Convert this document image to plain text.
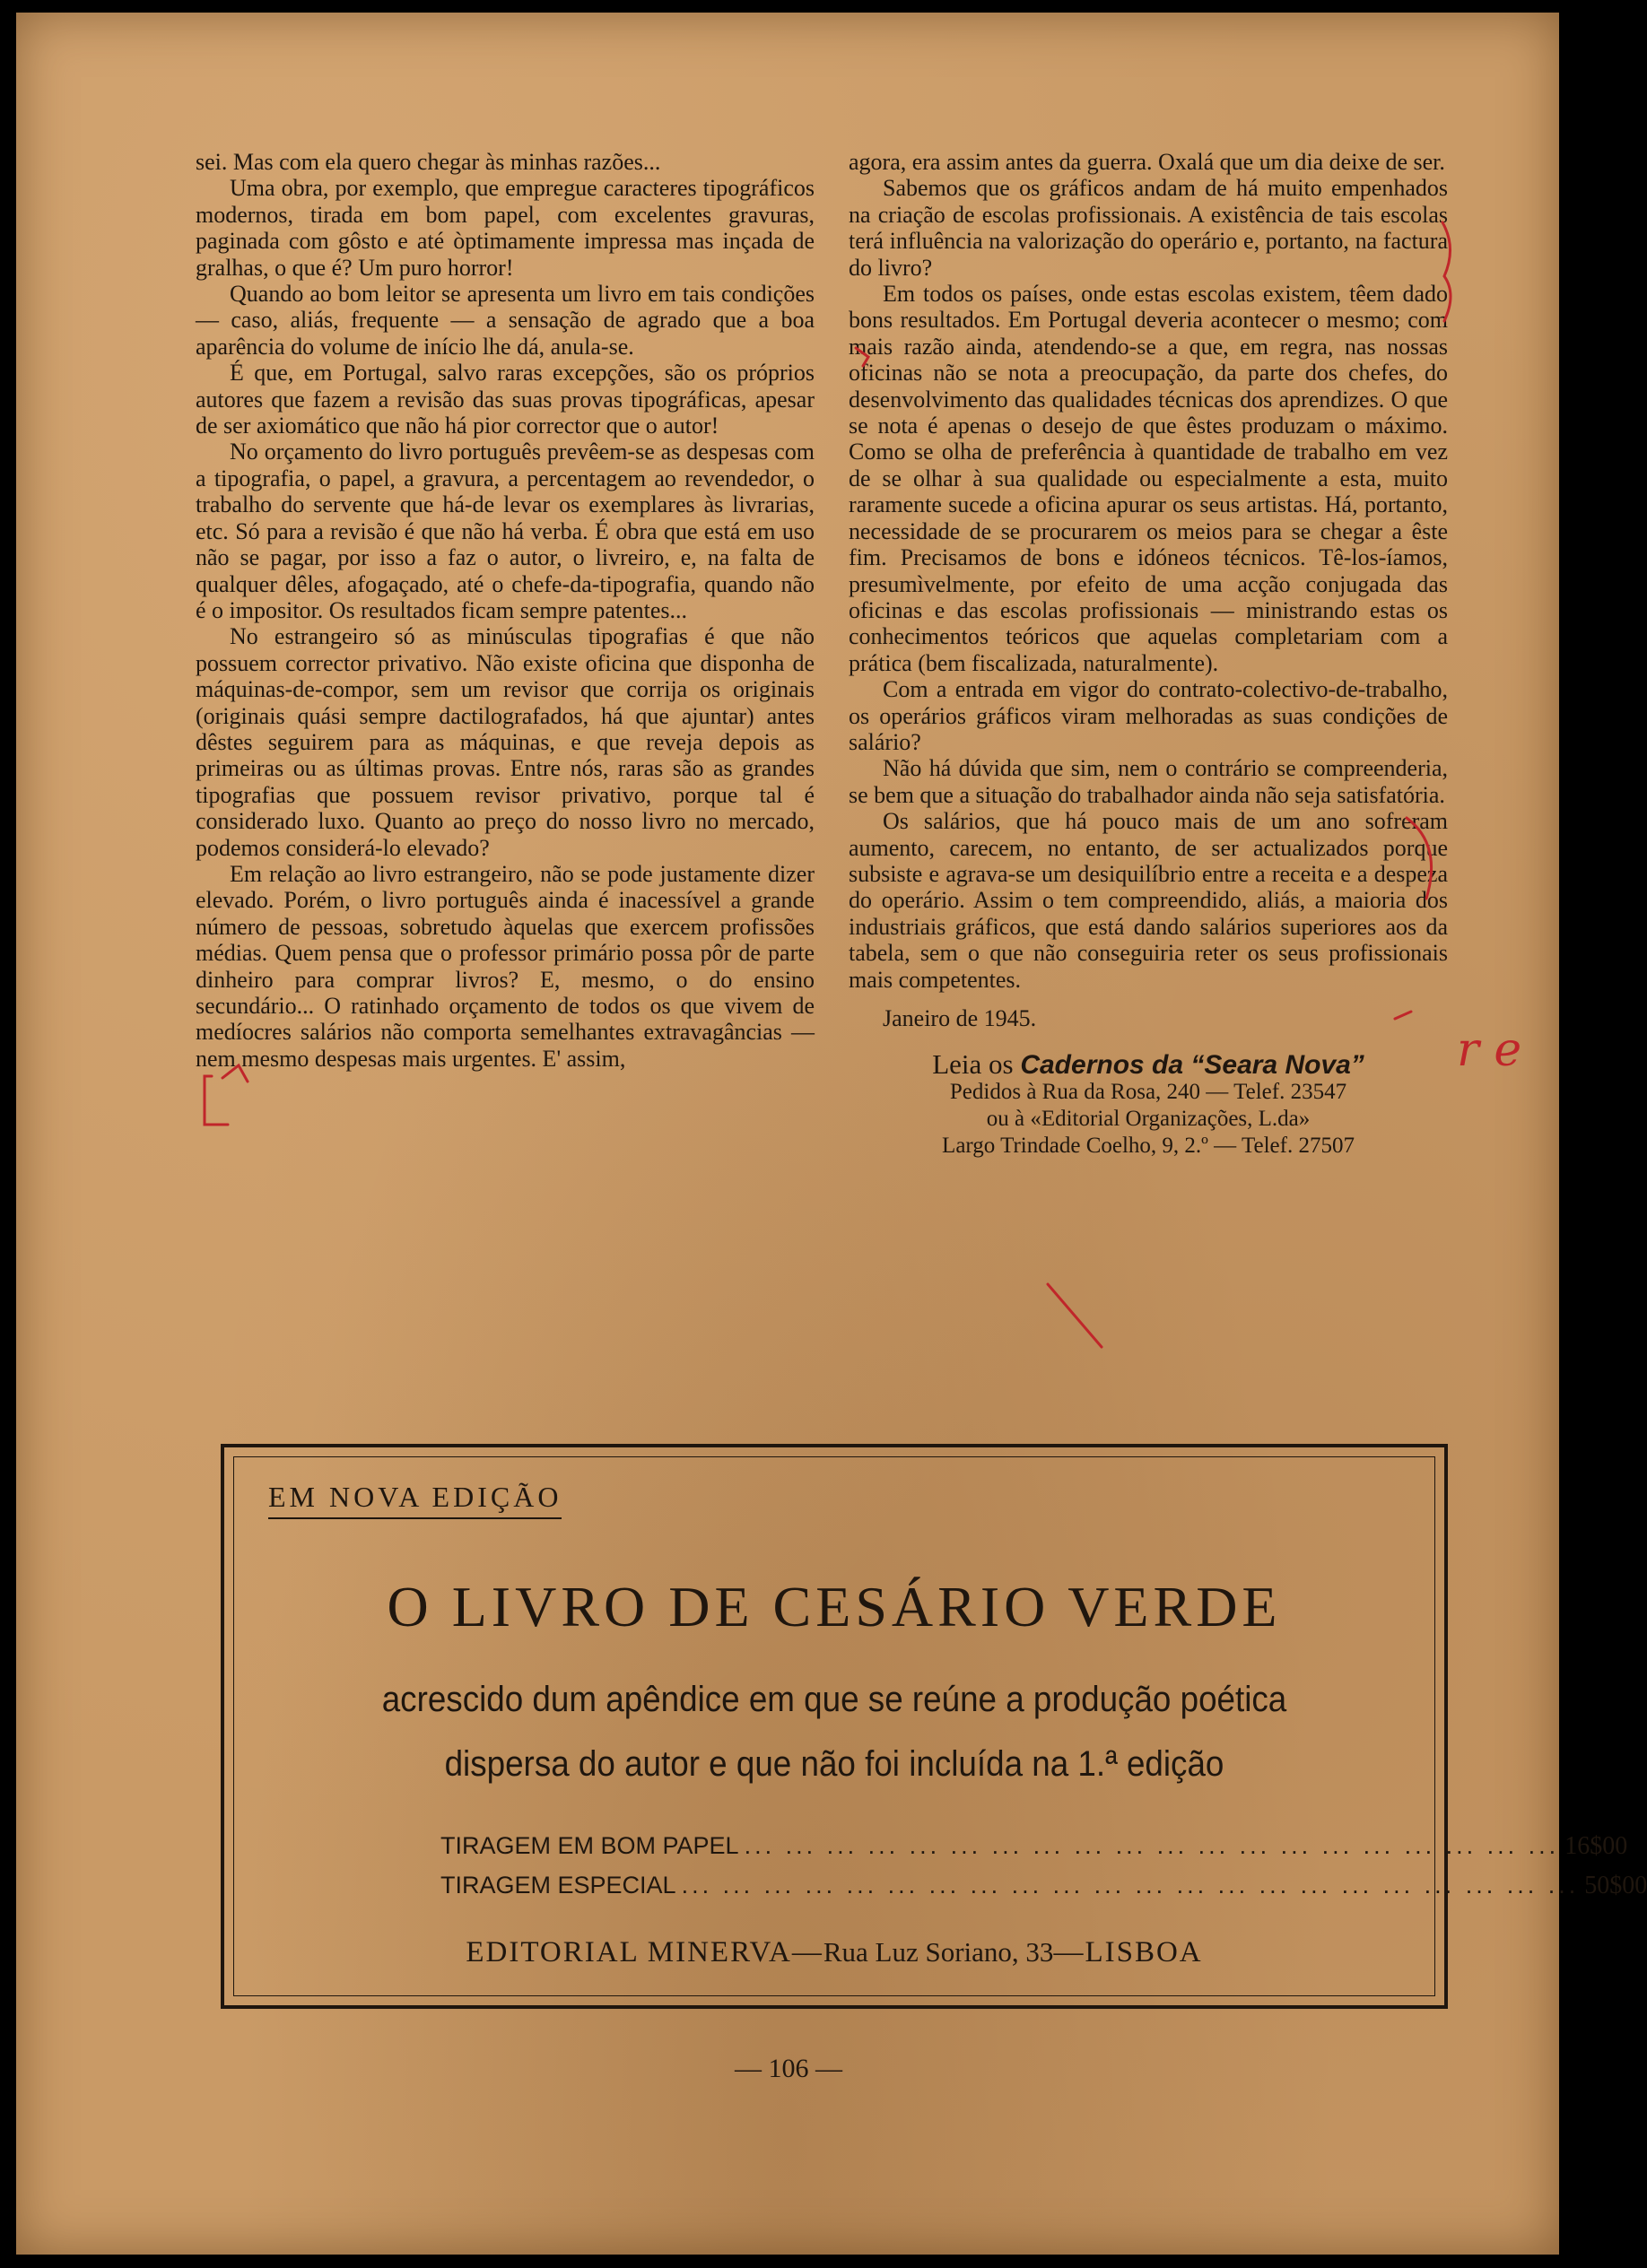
sei. Mas com ela quero chegar às minhas razões...

Uma obra, por exemplo, que empregue caracteres tipográficos modernos, tirada em bom papel, com excelentes gravuras, paginada com gôsto e até òptimamente impressa mas inçada de gralhas, o que é? Um puro horror!

Quando ao bom leitor se apresenta um livro em tais condições — caso, aliás, frequente — a sensação de agrado que a boa aparência do volume de início lhe dá, anula-se.

É que, em Portugal, salvo raras excepções, são os próprios autores que fazem a revisão das suas provas tipográficas, apesar de ser axiomático que não há pior corrector que o autor!

No orçamento do livro português prevêem-se as despesas com a tipografia, o papel, a gravura, a percentagem ao revendedor, o trabalho do servente que há-de levar os exemplares às livrarias, etc. Só para a revisão é que não há verba. É obra que está em uso não se pagar, por isso a faz o autor, o livreiro, e, na falta de qualquer dêles, afogaçado, até o chefe-da-tipografia, quando não é o impositor. Os resultados ficam sempre patentes...

No estrangeiro só as minúsculas tipografias é que não possuem corrector privativo. Não existe oficina que disponha de máquinas-de-compor, sem um revisor que corrija os originais (originais quási sempre dactilografados, há que ajuntar) antes dêstes seguirem para as máquinas, e que reveja depois as primeiras ou as últimas provas. Entre nós, raras são as grandes tipografias que possuem revisor privativo, porque tal é considerado luxo. Quanto ao preço do nosso livro no mercado, podemos considerá-lo elevado?

Em relação ao livro estrangeiro, não se pode justamente dizer elevado. Porém, o livro português ainda é inacessível a grande número de pessoas, sobretudo àquelas que exercem profissões médias. Quem pensa que o professor primário possa pôr de parte dinheiro para comprar livros? E, mesmo, o do ensino secundário... O ratinhado orçamento de todos os que vivem de medíocres salários não comporta semelhantes extravagâncias — nem mesmo despesas mais urgentes. E' assim,

agora, era assim antes da guerra. Oxalá que um dia deixe de ser.

Sabemos que os gráficos andam de há muito empenhados na criação de escolas profissionais. A existência de tais escolas terá influência na valorização do operário e, portanto, na factura do livro?

Em todos os países, onde estas escolas existem, têem dado bons resultados. Em Portugal deveria acontecer o mesmo; com mais razão ainda, atendendo-se a que, em regra, nas nossas oficinas não se nota a preocupação, da parte dos chefes, do desenvolvimento das qualidades técnicas dos aprendizes. O que se nota é apenas o desejo de que êstes produzam o máximo. Como se olha de preferência à quantidade de trabalho em vez de se olhar à sua qualidade ou especialmente a esta, muito raramente sucede a oficina apurar os seus artistas. Há, portanto, necessidade de se procurarem os meios para se chegar a êste fim. Precisamos de bons e idóneos técnicos. Tê-los-íamos, presumìvelmente, por efeito de uma acção conjugada das oficinas e das escolas profissionais — ministrando estas os conhecimentos teóricos que aquelas completariam com a prática (bem fiscalizada, naturalmente).

Com a entrada em vigor do contrato-colectivo-de-trabalho, os operários gráficos viram melhoradas as suas condições de salário?

Não há dúvida que sim, nem o contrário se compreenderia, se bem que a situação do trabalhador ainda não seja satisfatória.

Os salários, que há pouco mais de um ano sofreram aumento, carecem, no entanto, de ser actualizados porque subsiste e agrava-se um desiquilíbrio entre a receita e a despeza do operário. Assim o tem compreendido, aliás, a maioria dos industriais gráficos, que está dando salários superiores aos da tabela, sem o que não conseguiria reter os seus profissionais mais competentes.

Janeiro de 1945.

Leia os Cadernos da “Seara Nova”

Pedidos à Rua da Rosa, 240 — Telef. 23547

ou à «Editorial Organizações, L.da»

Largo Trindade Coelho, 9, 2.º — Telef. 27507

EM NOVA EDIÇÃO
O LIVRO DE CESÁRIO VERDE
acrescido dum apêndice em que se reúne a produção poética
dispersa do autor e que não foi incluída na 1.ª edição
TIRAGEM EM BOM PAPEL ... ... ... ... ... ... ... ... ... ... ... ... ... ... ... ... ... ... ... ... 16$00
TIRAGEM ESPECIAL ... ... ... ... ... ... ... ... ... ... ... ... ... ... ... ... ... ... ... ... ... ... 50$00
EDITORIAL MINERVA—Rua Luz Soriano, 33—LISBOA
— 106 —
r e
